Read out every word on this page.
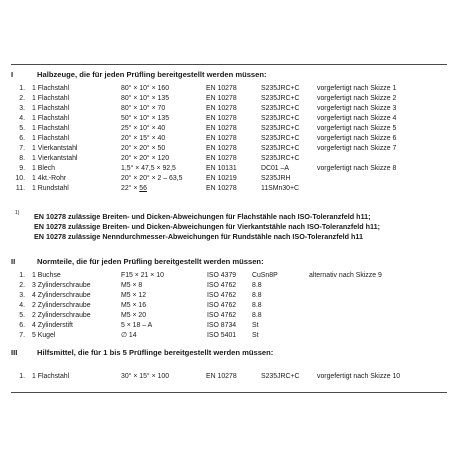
I	Halbzeuge, die für jeden Prüfling bereitgestellt werden müssen:
1. 1 Flachstahl	80° × 10° × 160	EN 10278	S235JRC+C	vorgefertigt nach Skizze 1
2. 1 Flachstahl	80° × 10° × 135	EN 10278	S235JRC+C	vorgefertigt nach Skizze 2
3. 1 Flachstahl	80° × 10° × 70	EN 10278	S235JRC+C	vorgefertigt nach Skizze 3
4. 1 Flachstahl	50° × 10° × 135	EN 10278	S235JRC+C	vorgefertigt nach Skizze 4
5. 1 Flachstahl	25° × 10° × 40	EN 10278	S235JRC+C	vorgefertigt nach Skizze 5
6. 1 Flachstahl	20° × 15° × 40	EN 10278	S235JRC+C	vorgefertigt nach Skizze 6
7. 1 Vierkantstahl	20° × 20° × 50	EN 10278	S235JRC+C	vorgefertigt nach Skizze 7
8. 1 Vierkantstahl	20° × 20° × 120	EN 10278	S235JRC+C
9. 1 Blech	1,5° × 47,5 × 92,5	EN 10131	DC01 –A	vorgefertigt nach Skizze 8
10. 1 4kt.-Rohr	20° × 20° × 2 – 63,5	EN 10219	S235JRH
11. 1 Rundstahl	22° × 56	EN 10278	11SMn30+C
1) EN 10278 zulässige Breiten- und Dicken-Abweichungen für Flachstähle nach ISO-Toleranzfeld h11;
EN 10278 zulässige Breiten- und Dicken-Abweichungen für Vierkantstähle nach ISO-Toleranzfeld h11;
EN 10278 zulässige Nenndurchmesser-Abweichungen für Rundstähle nach ISO-Toleranzfeld h11
II	Normteile, die für jeden Prüfling bereitgestellt werden müssen:
1. 1 Buchse	F15 × 21 × 10	ISO 4379 CuSn8P	alternativ nach Skizze 9
2. 3 Zylinderschraube	M5 × 8	ISO 4762 8.8
3. 4 Zylinderschraube	M5 × 12	ISO 4762 8.8
4. 2 Zylinderschraube	M5 × 16	ISO 4762 8.8
5. 2 Zylinderschraube	M5 × 20	ISO 4762 8.8
6. 4 Zylinderstift	5 × 18 – A	ISO 8734 St
7. 5 Kugel	∅ 14	ISO 5401 St
III	Hilfsmittel, die für 1 bis 5 Prüflinge bereitgestellt werden müssen:
1. 1 Flachstahl	30° × 15° × 100	EN 10278	S235JRC+C	vorgefertigt nach Skizze 10
